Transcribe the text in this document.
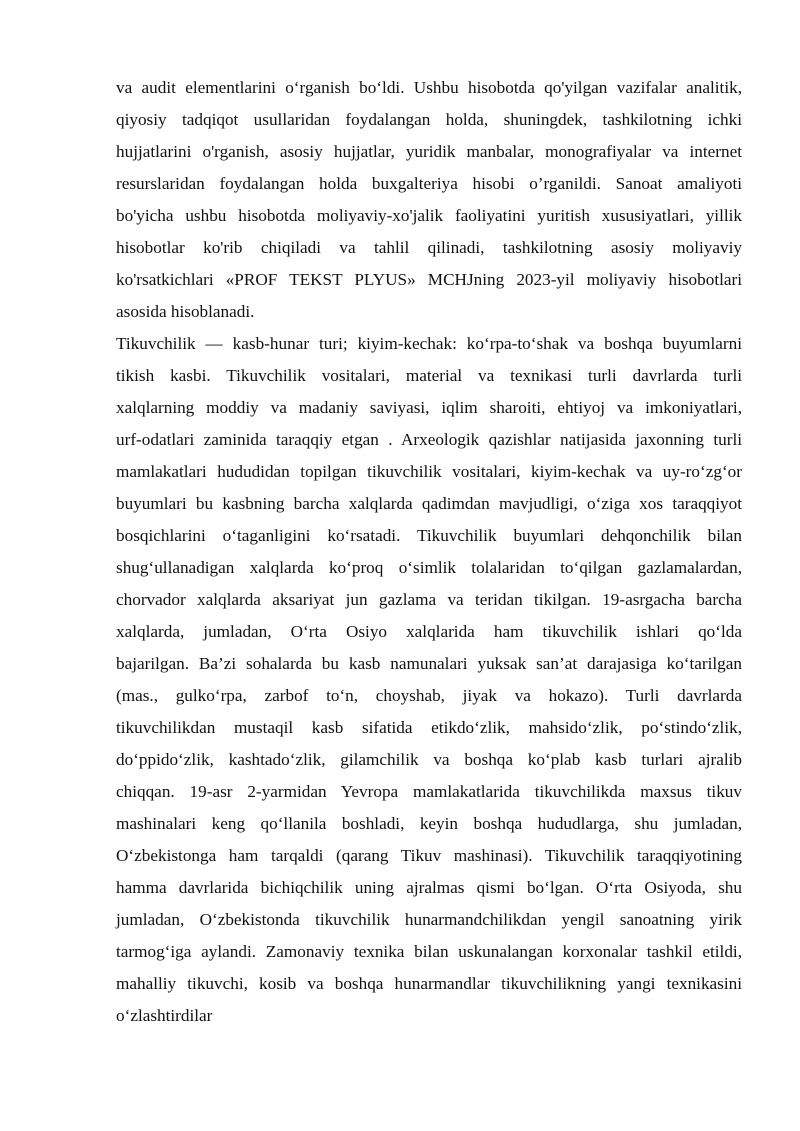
va audit elementlarini o‘rganish bo‘ldi. Ushbu hisobotda qo'yilgan vazifalar analitik,
qiyosiy tadqiqot usullaridan foydalangan holda, shuningdek, tashkilotning ichki
hujjatlarini o'rganish, asosiy hujjatlar, yuridik manbalar, monografiyalar va internet
resurslaridan foydalangan holda buxgalteriya hisobi o’rganildi. Sanoat amaliyoti
bo'yicha ushbu hisobotda moliyaviy-xo'jalik faoliyatini yuritish xususiyatlari, yillik
hisobotlar ko'rib chiqiladi va tahlil qilinadi, tashkilotning asosiy moliyaviy
ko'rsatkichlari «PROF TEKST PLYUS» MCHJning 2023-yil moliyaviy hisobotlari
asosida hisoblanadi.

Tikuvchilik — kasb-hunar turi; kiyim-kechak: ko‘rpa-to‘shak va boshqa buyumlarni
tikish kasbi. Tikuvchilik vositalari, material va texnikasi turli davrlarda turli
xalqlarning moddiy va madaniy saviyasi, iqlim sharoiti, ehtiyoj va imkoniyatlari,
urf-odatlari zaminida taraqqiy etgan . Arxeologik qazishlar natijasida jaxonning turli
mamlakatlari hududidan topilgan tikuvchilik vositalari, kiyim-kechak va uy-ro‘zg‘or
buyumlari bu kasbning barcha xalqlarda qadimdan mavjudligi, o‘ziga xos taraqqiyot
bosqichlarini o‘taganligini ko‘rsatadi. Tikuvchilik buyumlari dehqonchilik bilan
shug‘ullanadigan xalqlarda ko‘proq o‘simlik tolalaridan to‘qilgan gazlamalardan,
chorvador xalqlarda aksariyat jun gazlama va teridan tikilgan. 19-asrgacha barcha
xalqlarda, jumladan, O‘rta Osiyo xalqlarida ham tikuvchilik ishlari qo‘lda
bajarilgan. Ba’zi sohalarda bu kasb namunalari yuksak san’at darajasiga ko‘tarilgan
(mas., gulko‘rpa, zarbof to‘n, choyshab, jiyak va hokazo). Turli davrlarda
tikuvchilikdan mustaqil kasb sifatida etikdo‘zlik, mahsido‘zlik, po‘stindo‘zlik,
do‘ppido‘zlik, kashtado‘zlik, gilamchilik va boshqa ko‘plab kasb turlari ajralib
chiqqan. 19-asr 2-yarmidan Yevropa mamlakatlarida tikuvchilikda maxsus tikuv
mashinalari keng qo‘llanila boshladi, keyin boshqa hududlarga, shu jumladan,
O‘zbekistonga ham tarqaldi (qarang Tikuv mashinasi). Tikuvchilik taraqqiyotining
hamma davrlarida bichiqchilik uning ajralmas qismi bo‘lgan. O‘rta Osiyoda, shu
jumladan, O‘zbekistonda tikuvchilik hunarmandchilikdan yengil sanoatning yirik
tarmog‘iga aylandi. Zamonaviy texnika bilan uskunalangan korxonalar tashkil etildi,
mahalliy tikuvchi, kosib va boshqa hunarmandlar tikuvchilikning yangi texnikasini
o‘zlashtirdilar
